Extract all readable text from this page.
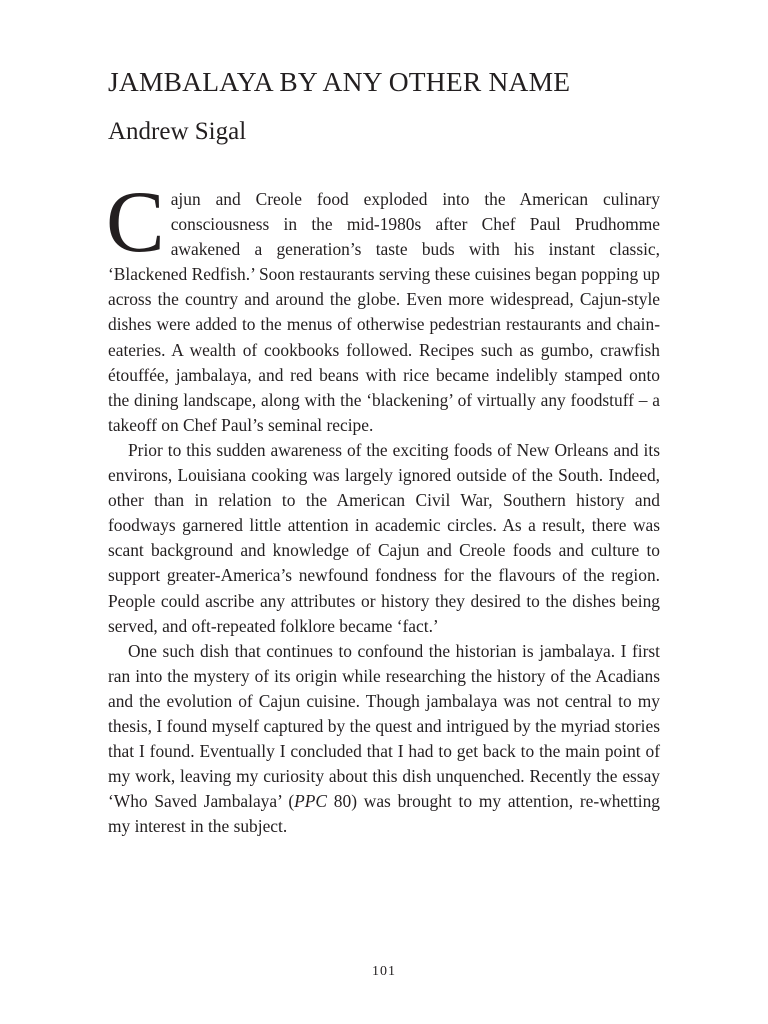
JAMBALAYA BY ANY OTHER NAME
Andrew Sigal

Cajun and Creole food exploded into the American culinary consciousness in the mid-1980s after Chef Paul Prudhomme awakened a generation’s taste buds with his instant classic, ‘Blackened Redfish.’ Soon restaurants serving these cuisines began popping up across the country and around the globe. Even more widespread, Cajun-style dishes were added to the menus of otherwise pedestrian restaurants and chain-eateries. A wealth of cookbooks followed. Recipes such as gumbo, crawfish étouffée, jambalaya, and red beans with rice became indelibly stamped onto the dining landscape, along with the ‘blackening’ of virtually any foodstuff – a takeoff on Chef Paul’s seminal recipe.

Prior to this sudden awareness of the exciting foods of New Orleans and its environs, Louisiana cooking was largely ignored outside of the South. Indeed, other than in relation to the American Civil War, Southern history and foodways garnered little attention in academic circles. As a result, there was scant background and knowledge of Cajun and Creole foods and culture to support greater-America’s newfound fondness for the flavours of the region. People could ascribe any attributes or history they desired to the dishes being served, and oft-repeated folklore became ‘fact.’

One such dish that continues to confound the historian is jambalaya. I first ran into the mystery of its origin while researching the history of the Acadians and the evolution of Cajun cuisine. Though jambalaya was not central to my thesis, I found myself captured by the quest and intrigued by the myriad stories that I found. Eventually I concluded that I had to get back to the main point of my work, leaving my curiosity about this dish unquenched. Recently the essay ‘Who Saved Jambalaya’ (PPC 80) was brought to my attention, re-whetting my interest in the subject.

101
